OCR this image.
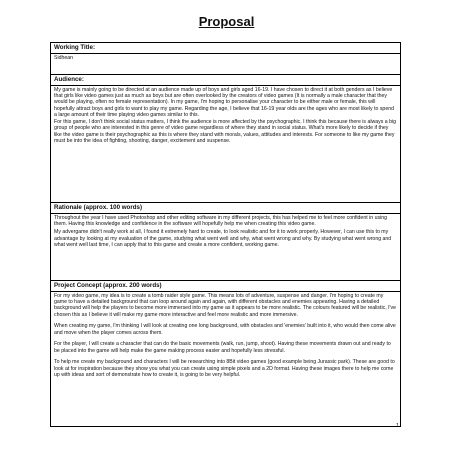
Proposal
Working Title:

Sidhean

Audience:

My game is mainly going to be directed at an audience made up of boys and girls aged 16-19. I have chosen to direct it at both genders as I believe that girls like video games just as much as boys but are often overlooked by the creators of video games (It is normally a male character that they would be playing, often no female representation). In my game, I'm hoping to personalise your character to be either male or female, this will hopefully attract boys and girls to want to play my game. Regarding the age, I believe that 16-19 year olds are the ages who are most likely to spend a large amount of their time playing video games similar to this.

For this game, I don't think social status matters, I think the audience is more affected by the psychographic. I think this because there is always a big group of people who are interested in this genre of video game regardless of where they stand in social status. What's more likely to decide if they like the video game is their psychographic as this is where they stand with morals, values, attitudes and interests. For someone to like my game they must be into the idea of fighting, shooting, danger, excitement and suspense.

Rationale (approx. 100 words)

Throughout the year I have used Photoshop and other editing software in my different projects, this has helped me to feel more confident in using them. Having this knowledge and confidence in the software will hopefully help me when creating this video game.

My advergame didn't really work at all, I found it extremely hard to create, to look realistic and for it to work properly. However, I can use this to my advantage by looking at my evaluation of the game, studying what went well and why, what went wrong and why. By studying what went wrong and what went well last time, I can apply that to this game and create a more confident, working game.

Project Concept (approx. 200 words)

For my video game, my idea is to create a tomb raider style game. This means lots of adventure, suspense and danger. I'm hoping to create my game to have a detailed background that can loop around again and again, with different obstacles and enemies appearing. Having a detailed background will help the players to become more immersed into my game as it appears to be more realistic. The colours featured will be realistic, I've chosen this as I believe it will make my game more interactive and feel more realistic and more immersive.

When creating my game, I'm thinking I will look at creating one long background, with obstacles and 'enemies' built into it, who would then come alive and move when the player comes across them.

For the player, I will create a character that can do the basic movements (walk, run, jump, shoot). Having these movements drawn out and ready to be placed into the game will help make the game making process easier and hopefully less stressful.

To help me create my background and characters I will be researching into 8Bit video games (good example being Jurassic park). These are good to look at for inspiration because they show you what you can create using simple pixels and a 2D format. Having these images there to help me come up with ideas and sort of demonstrate how to create it, is going to be very helpful.

1
